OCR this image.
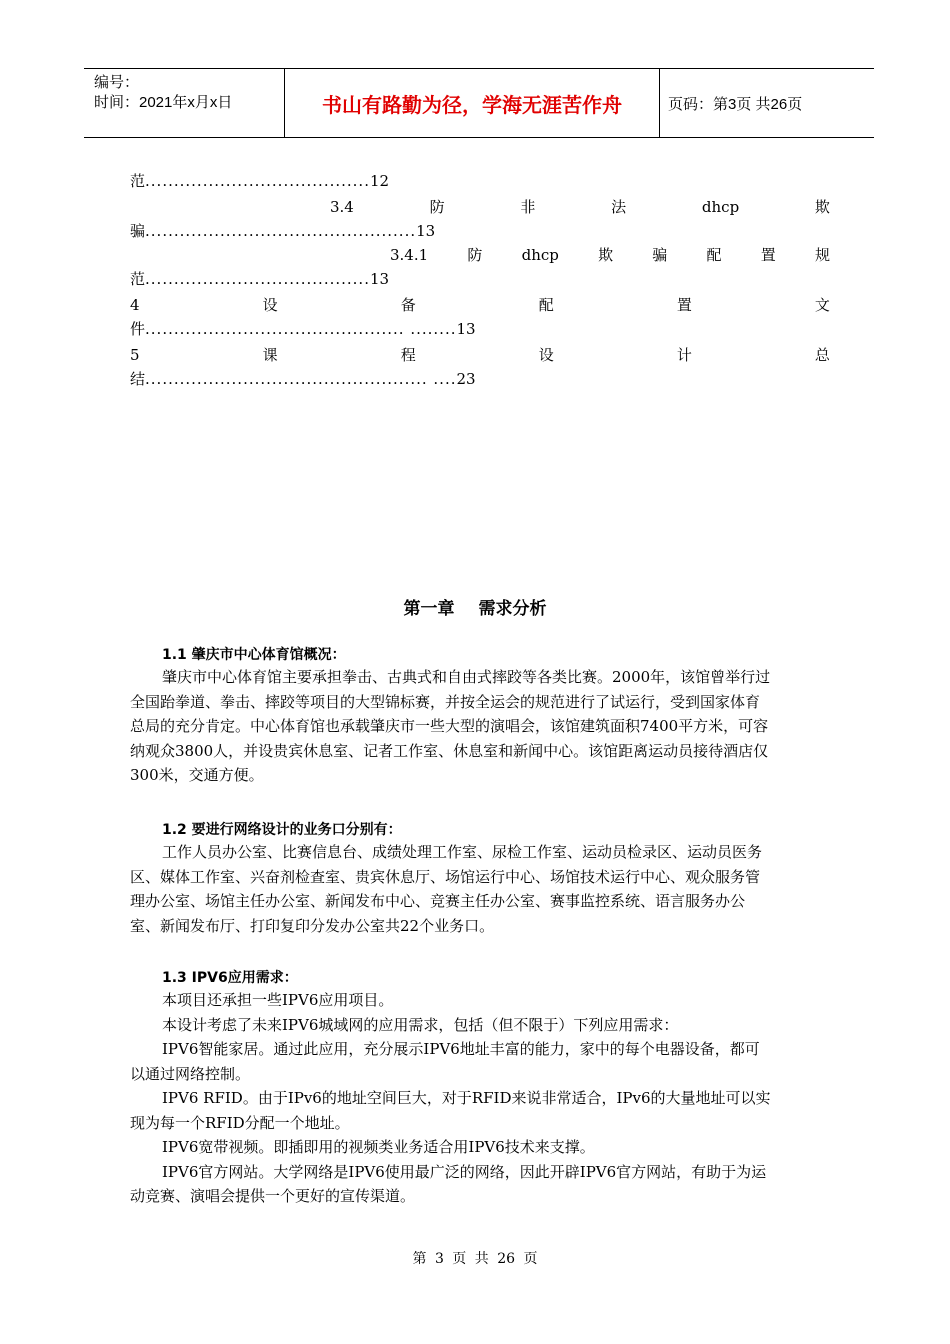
编号：
时间：2021年x月x日	书山有路勤为径，学海无涯苦作舟	页码：第3页 共26页
范.......................................12
3.4	防	非	法	dhcp	欺
骗...............................................13
3.4.1	防	dhcp	欺	骗	配	置	规
范.......................................13
4	设	备	配	置	文
件............................................. ........13
5	课	程	设	计	总
结................................................. ....23
第一章 需求分析
1.1 肇庆市中心体育馆概况：
肇庆市中心体育馆主要承担拳击、古典式和自由式摔跤等各类比赛。2000年，该馆曾举行过
全国跆拳道、拳击、摔跤等项目的大型锦标赛，并按全运会的规范进行了试运行，受到国家体育
总局的充分肯定。中心体育馆也承载肇庆市一些大型的演唱会，该馆建筑面积7400平方米，可容
纳观众3800人，并设贵宾休息室、记者工作室、休息室和新闻中心。该馆距离运动员接待酒店仅
300米，交通方便。
1.2 要进行网络设计的业务口分别有：
工作人员办公室、比赛信息台、成绩处理工作室、尿检工作室、运动员检录区、运动员医务
区、媒体工作室、兴奋剂检查室、贵宾休息厅、场馆运行中心、场馆技术运行中心、观众服务管
理办公室、场馆主任办公室、新闻发布中心、竞赛主任办公室、赛事监控系统、语言服务办公
室、新闻发布厅、打印复印分发办公室共22个业务口。
1.3 IPV6应用需求：
本项目还承担一些IPV6应用项目。
本设计考虑了未来IPV6城域网的应用需求，包括（但不限于）下列应用需求：
IPV6智能家居。通过此应用，充分展示IPV6地址丰富的能力，家中的每个电器设备，都可
以通过网络控制。
IPV6 RFID。由于IPv6的地址空间巨大，对于RFID来说非常适合，IPv6的大量地址可以实
现为每一个RFID分配一个地址。
IPV6宽带视频。即插即用的视频类业务适合用IPV6技术来支撑。
IPV6官方网站。大学网络是IPV6使用最广泛的网络，因此开辟IPV6官方网站，有助于为运
动竞赛、演唱会提供一个更好的宣传渠道。
第 3 页 共 26 页
